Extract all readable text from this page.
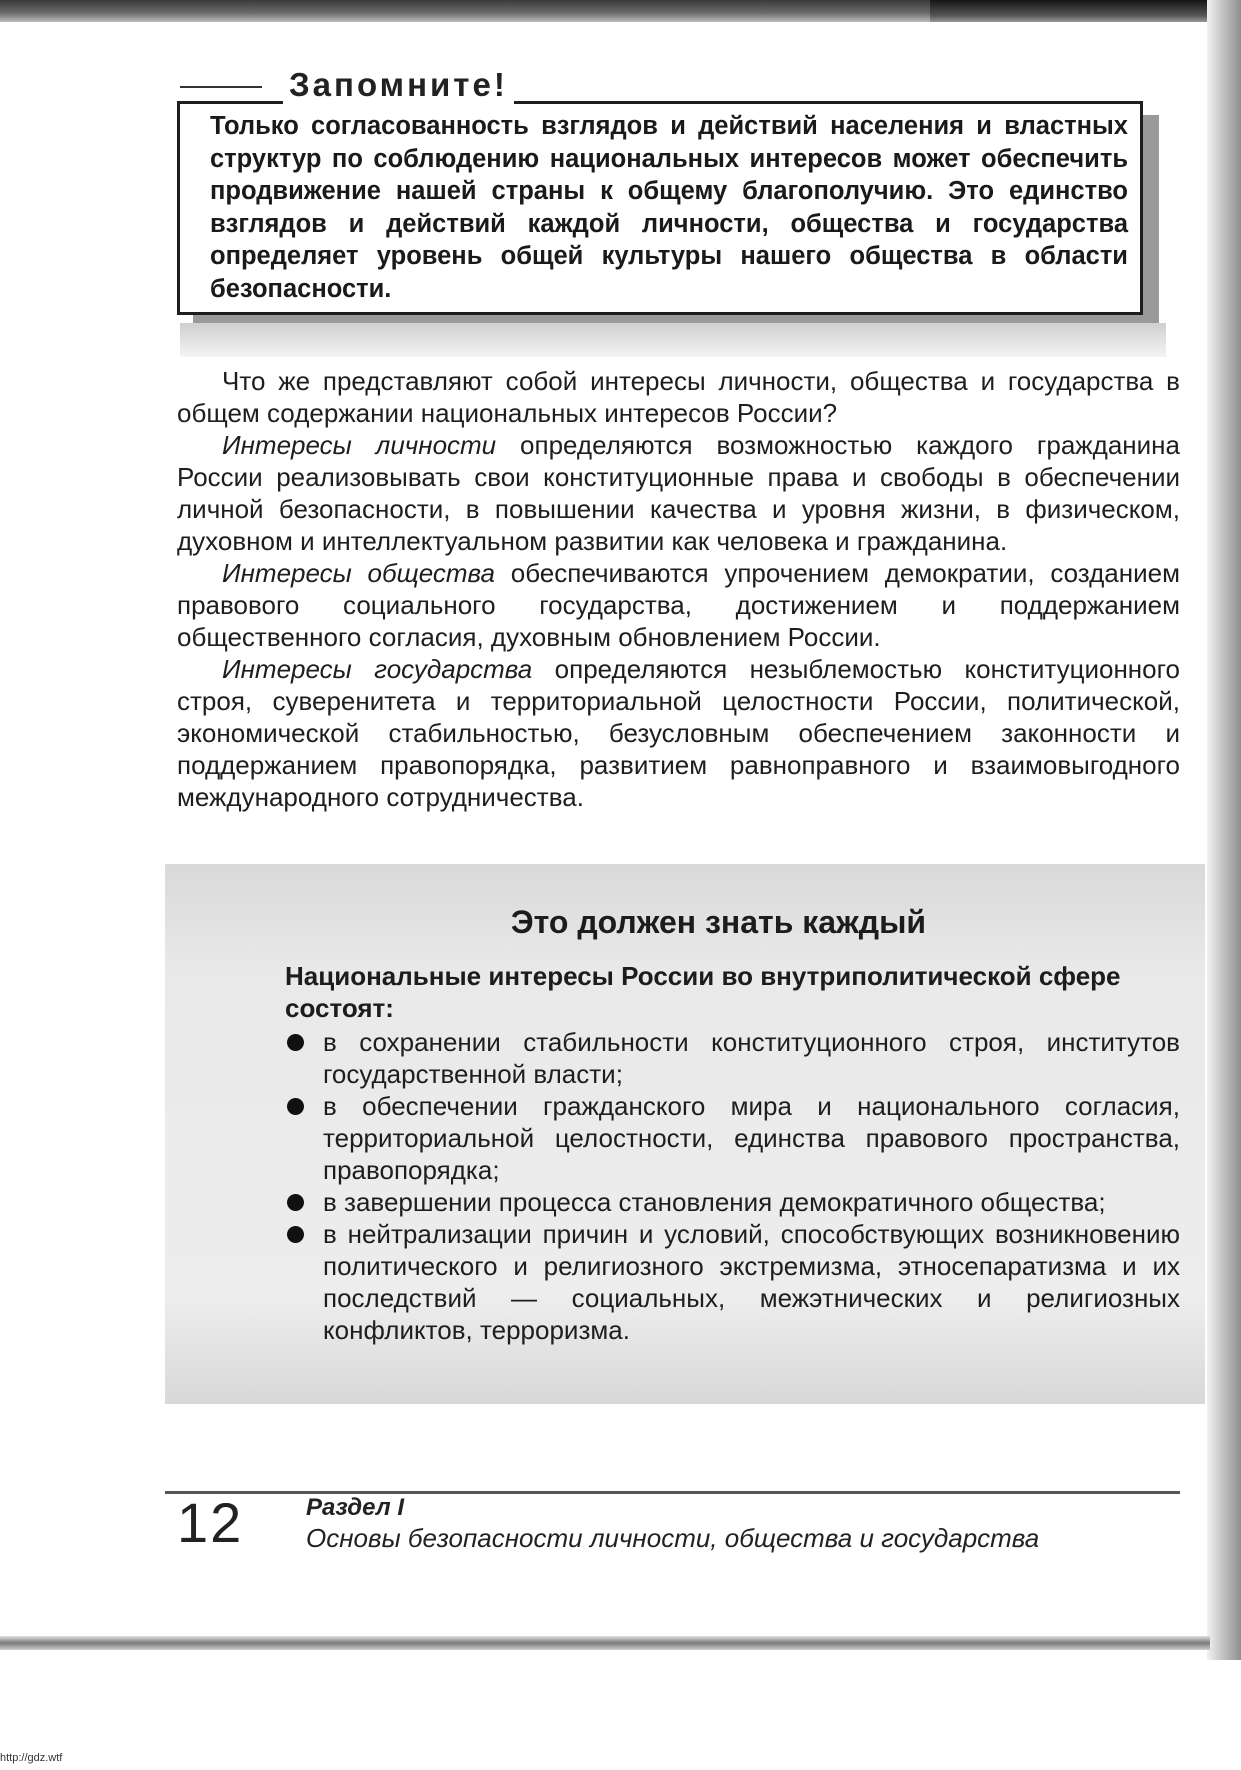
Запомните!
Только согласованность взглядов и действий населения и властных структур по соблюдению национальных интересов может обеспечить продвижение нашей страны к общему благополучию. Это единство взглядов и действий каждой личности, общества и государства определяет уровень общей культуры нашего общества в области безопасности.

Что же представляют собой интересы личности, общества и государства в общем содержании национальных интересов России?

Интересы личности определяются возможностью каждого гражданина России реализовывать свои конституционные права и свободы в обеспечении личной безопасности, в повышении качества и уровня жизни, в физическом, духовном и интеллектуальном развитии как человека и гражданина.

Интересы общества обеспечиваются упрочением демократии, созданием правового социального государства, достижением и поддержанием общественного согласия, духовным обновлением России.

Интересы государства определяются незыблемостью конституционного строя, суверенитета и территориальной целостности России, политической, экономической стабильностью, безусловным обеспечением законности и поддержанием правопорядка, развитием равноправного и взаимовыгодного международного сотрудничества.

Это должен знать каждый
Национальные интересы России во внутриполитической сфере состоят:
в сохранении стабильности конституционного строя, институтов государственной власти;
в обеспечении гражданского мира и национального согласия, территориальной целостности, единства правового пространства, правопорядка;
в завершении процесса становления демократичного общества;
в нейтрализации причин и условий, способствующих возникновению политического и религиозного экстремизма, этносепаратизма и их последствий — социальных, межэтнических и религиозных конфликтов, терроризма.
12	Раздел I
Основы безопасности личности, общества и государства
http://gdz.wtf
